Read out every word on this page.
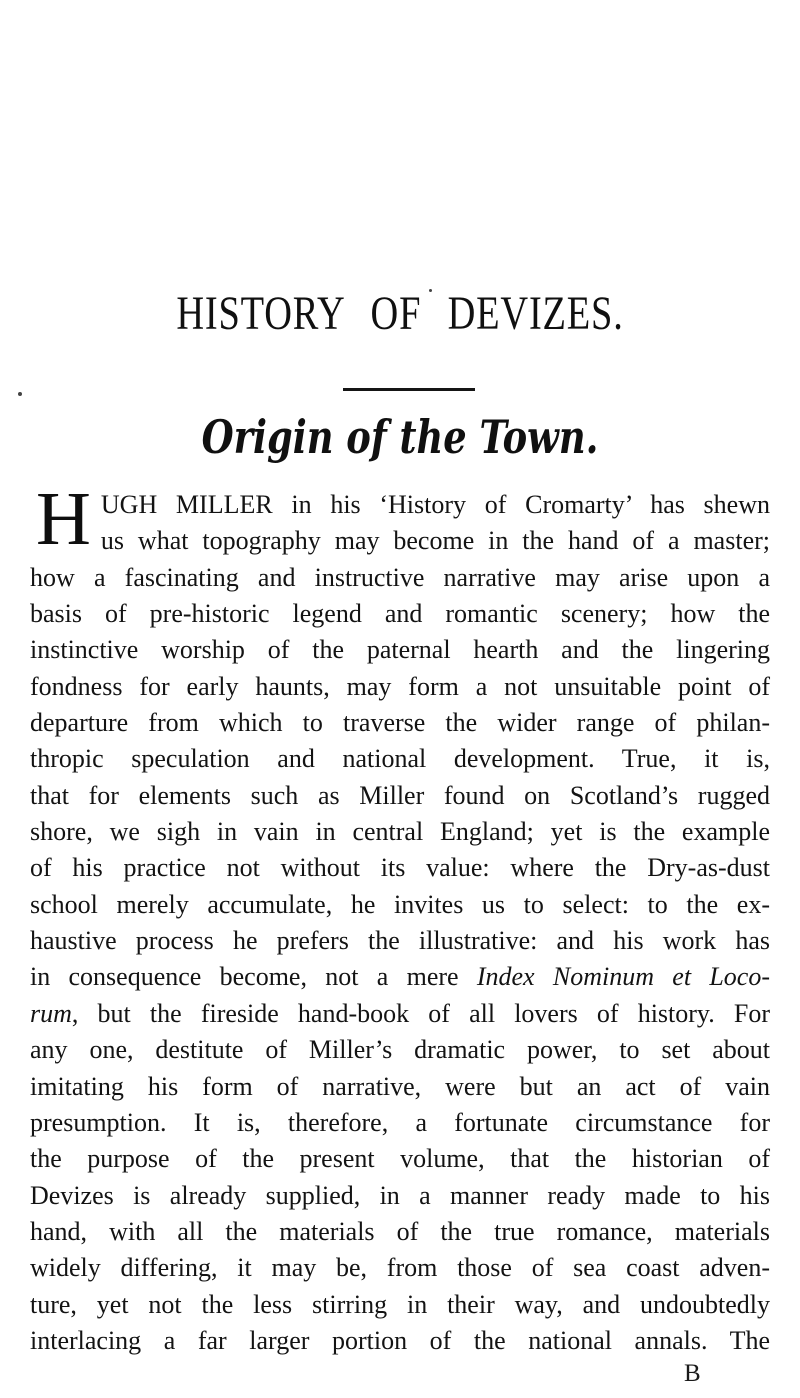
HISTORY OF DEVIZES.
Origin of the Town.
H UGH MILLER in his ‘History of Cromarty’ has shewn
us what topography may become in the hand of a master;
how a fascinating and instructive narrative may arise upon a
basis of pre-historic legend and romantic scenery; how the
instinctive worship of the paternal hearth and the lingering
fondness for early haunts, may form a not unsuitable point of
departure from which to traverse the wider range of philan-
thropic speculation and national development. True, it is,
that for elements such as Miller found on Scotland’s rugged
shore, we sigh in vain in central England; yet is the example
of his practice not without its value: where the Dry-as-dust
school merely accumulate, he invites us to select: to the ex-
haustive process he prefers the illustrative: and his work has
in consequence become, not a mere Index Nominum et Loco-
rum, but the fireside hand-book of all lovers of history. For
any one, destitute of Miller’s dramatic power, to set about
imitating his form of narrative, were but an act of vain
presumption. It is, therefore, a fortunate circumstance for
the purpose of the present volume, that the historian of
Devizes is already supplied, in a manner ready made to his
hand, with all the materials of the true romance, materials
widely differing, it may be, from those of sea coast adven-
ture, yet not the less stirring in their way, and undoubtedly
interlacing a far larger portion of the national annals. The
B
